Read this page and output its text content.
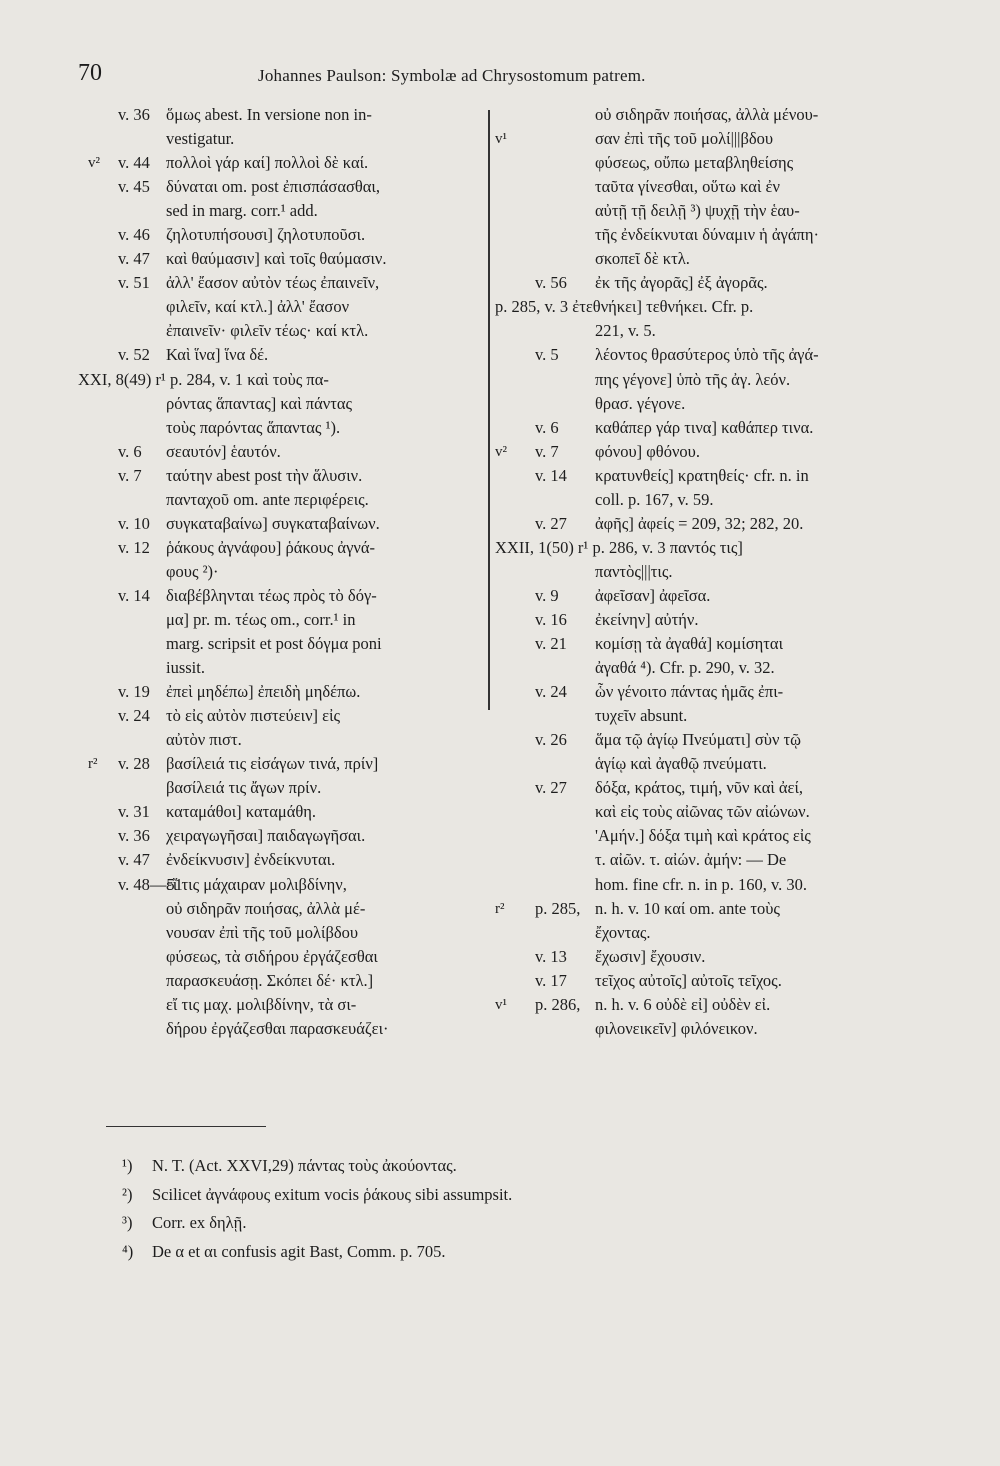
70	Johannes Paulson: Symbolæ ad Chrysostomum patrem.
v. 36 ὅμως abest. In versione non in-
vestigatur.
v² v. 44 πολλοὶ γάρ καί] πολλοὶ δὲ καί.
v. 45 δύναται om. post ἐπισπάσασθαι,
sed in marg. corr.¹ add.
v. 46 ζηλοτυπήσουσι] ζηλοτυποῦσι.
v. 47 καὶ θαύμασιν] καὶ τοῖς θαύμασιν.
v. 51 ἀλλ' ἔασον αὐτὸν τέως ἐπαινεῖν,
φιλεῖν, καί κτλ.] ἀλλ' ἔασον
ἐπαινεῖν· φιλεῖν τέως· καί κτλ.
v. 52 Καὶ ἵνα] ἵνα δέ.
XXI, 8(49) r¹ p. 284, v. 1 καὶ τοὺς πα-
ρόντας ἅπαντας] καὶ πάντας
τοὺς παρόντας ἅπαντας ¹).
v. 6 σεαυτόν] ἑαυτόν.
v. 7 ταύτην abest post τὴν ἅλυσιν.
πανταχοῦ om. ante περιφέρεις.
v. 10 συγκαταβαίνω] συγκαταβαίνων.
v. 12 ῥάκους ἀγνάφου] ῥάκους ἀγνά-
φους ²)·
v. 14 διαβέβληνται τέως πρὸς τὸ δόγ-
μα] pr. m. τέως om., corr.¹ in
marg. scripsit et post δόγμα poni
iussit.
v. 19 ἐπεὶ μηδέπω] ἐπειδὴ μηδέπω.
v. 24 τὸ εἰς αὐτὸν πιστεύειν] εἰς
αὐτὸν πιστ.
r² v. 28 βασίλειά τις εἰσάγων τινά, πρίν]
βασίλειά τις ἄγων πρίν.
v. 31 καταμάθοι] καταμάθη.
v. 36 χειραγωγῆσαι] παιδαγωγῆσαι.
v. 47 ἐνδείκνυσιν] ἐνδείκνυται.
v. 48—51
εἴ τις μάχαιραν μολιβδίνην,
οὐ σιδηρᾶν ποιήσας, ἀλλὰ μέ-
νουσαν ἐπὶ τῆς τοῦ μολίβδου
φύσεως, τὰ σιδήρου ἐργάζεσθαι
παρασκευάσῃ. Σκόπει δέ· κτλ.]
εἴ τις μαχ. μολιβδίνην, τὰ σι-
δήρου ἐργάζεσθαι παρασκευάζει·
οὐ σιδηρᾶν ποιήσας, ἀλλὰ μένου-
v¹	σαν ἐπὶ τῆς τοῦ μολί|||βδου
φύσεως, οὔπω μεταβληθείσης
ταῦτα γίνεσθαι, οὕτω καὶ ἐν
αὐτῇ τῇ δειλῇ ³) ψυχῇ τὴν ἑαυ-
τῆς ἐνδείκνυται δύναμιν ἡ ἀγάπη·
σκοπεῖ δὲ κτλ.
v. 56 ἐκ τῆς ἀγορᾶς] ἐξ ἀγορᾶς.
p. 285, v. 3 ἐτεθνήκει] τεθνήκει. Cfr. p.
221, v. 5.
v. 5 λέοντος θρασύτερος ὑπὸ τῆς ἀγά-
πης γέγονε] ὑπὸ τῆς ἀγ. λεόν.
θρασ. γέγονε.
v. 6 καθάπερ γάρ τινα] καθάπερ τινα.
v² v. 7 φόνου] φθόνου.
v. 14 κρατυνθείς] κρατηθείς· cfr. n. in
coll. p. 167, v. 59.
v. 27 ἀφῆς] ἀφείς = 209, 32; 282, 20.
XXII, 1(50) r¹ p. 286, v. 3 παντός τις]
παντὸς|||τις.
v. 9 ἀφεῖσαν] ἀφεῖσα.
v. 16 ἐκείνην] αὐτήν.
v. 21 κομίσῃ τὰ ἀγαθά] κομίσηται
ἀγαθά ⁴). Cfr. p. 290, v. 32.
v. 24 ὧν γένοιτο πάντας ἡμᾶς ἐπι-
τυχεῖν absunt.
v. 26 ἅμα τῷ ἁγίῳ Πνεύματι] σὺν τῷ
ἁγίῳ καὶ ἀγαθῷ πνεύματι.
v. 27 δόξα, κράτος, τιμή, νῦν καὶ ἀεί,
καὶ εἰς τοὺς αἰῶνας τῶν αἰώνων.
'Αμήν.] δόξα τιμὴ καὶ κράτος εἰς
τ. αἰῶν. τ. αἰών. ἀμήν: — De
hom. fine cfr. n. in p. 160, v. 30.
r² p. 285, n. h. v. 10 καί om. ante τοὺς
ἔχοντας.
v. 13 ἔχωσιν] ἔχουσιν.
v. 17 τεῖχος αὐτοῖς] αὐτοῖς τεῖχος.
v¹ p. 286, n. h. v. 6 οὐδὲ εἰ] οὐδὲν εἰ.
φιλονεικεῖν] φιλόνεικον.
¹) N. T. (Act. XXVI,29) πάντας τοὺς ἀκούοντας.
²) Scilicet ἀγνάφους exitum vocis ῥάκους sibi assumpsit.
³) Corr. ex δηλῇ.
⁴) De α et αι confusis agit Bast, Comm. p. 705.
